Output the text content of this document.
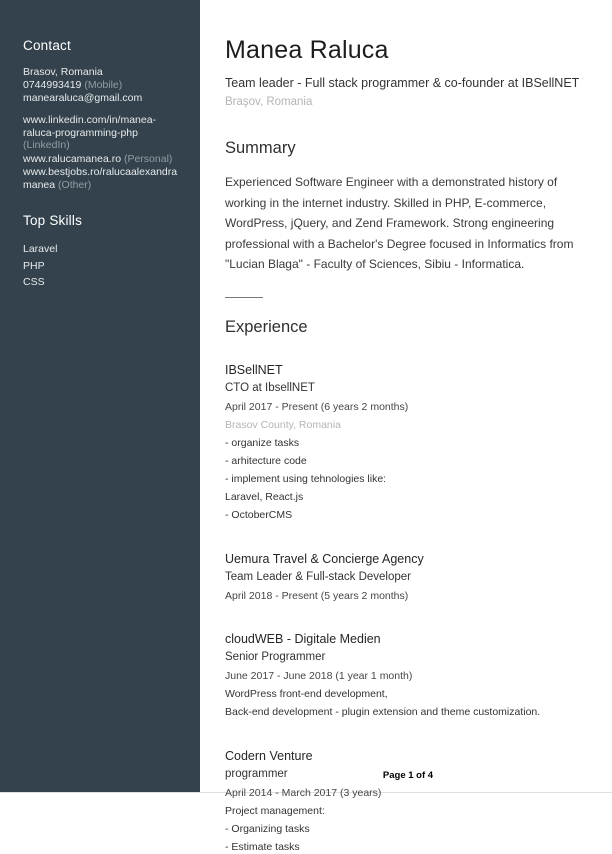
Contact
Brasov, Romania
0744993419 (Mobile)
manearaluca@gmail.com
www.linkedin.com/in/manea-raluca-programming-php (LinkedIn)
www.ralucamanea.ro (Personal)
www.bestjobs.ro/ralucaalexandramanea (Other)
Top Skills
Laravel
PHP
CSS
Manea Raluca
Team leader - Full stack programmer & co-founder at IBSellNET
Braşov, Romania
Summary
Experienced Software Engineer with a demonstrated history of working in the internet industry. Skilled in PHP, E-commerce, WordPress, jQuery, and Zend Framework. Strong engineering professional with a Bachelor's Degree focused in Informatics from "Lucian Blaga" - Faculty of Sciences, Sibiu - Informatica.
Experience
IBSellNET
CTO at IbsellNET
April 2017 - Present (6 years 2 months)
Brasov County, Romania
- organize tasks
- arhitecture code
- implement using tehnologies like:
Laravel, React.js
- OctoberCMS
Uemura Travel & Concierge Agency
Team Leader & Full-stack Developer
April 2018 - Present (5 years 2 months)
cloudWEB - Digitale Medien
Senior Programmer
June 2017 - June 2018 (1 year 1 month)
WordPress front-end development,
Back-end development - plugin extension and theme customization.
Codern Venture
programmer
April 2014 - March 2017 (3 years)
Project management:
- Organizing tasks
- Estimate tasks
Page 1 of 4
